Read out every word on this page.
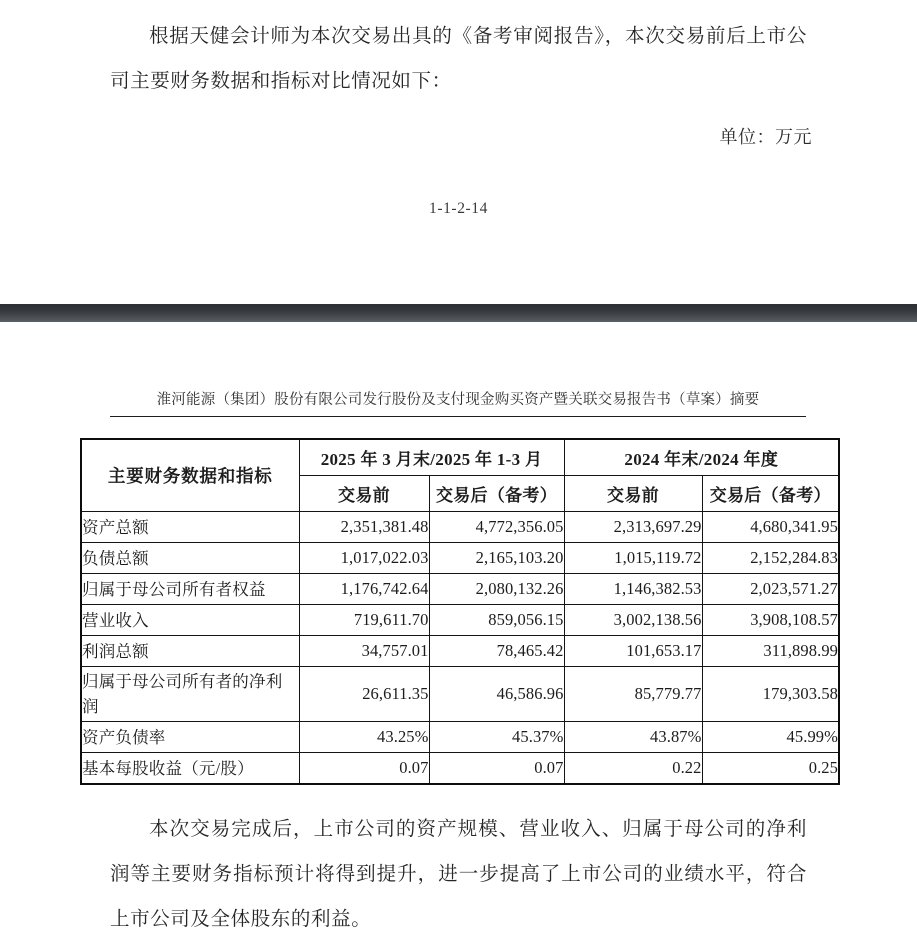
根据天健会计师为本次交易出具的《备考审阅报告》，本次交易前后上市公司主要财务数据和指标对比情况如下：

单位：万元
1-1-2-14
淮河能源（集团）股份有限公司发行股份及支付现金购买资产暨关联交易报告书（草案）摘要
主要财务数据和指标	2025 年 3 月末/2025 年 1-3 月		2024 年末/2024 年度	
	交易前	交易后（备考）	交易前	交易后（备考）
资产总额	2,351,381.48	4,772,356.05	2,313,697.29	4,680,341.95
负债总额	1,017,022.03	2,165,103.20	1,015,119.72	2,152,284.83
归属于母公司所有者权益	1,176,742.64	2,080,132.26	1,146,382.53	2,023,571.27
营业收入	719,611.70	859,056.15	3,002,138.56	3,908,108.57
利润总额	34,757.01	78,465.42	101,653.17	311,898.99
归属于母公司所有者的净利润	26,611.35	46,586.96	85,779.77	179,303.58
资产负债率	43.25%	45.37%	43.87%	45.99%
基本每股收益（元/股）	0.07	0.07	0.22	0.25

本次交易完成后，上市公司的资产规模、营业收入、归属于母公司的净利润等主要财务指标预计将得到提升，进一步提高了上市公司的业绩水平，符合上市公司及全体股东的利益。
